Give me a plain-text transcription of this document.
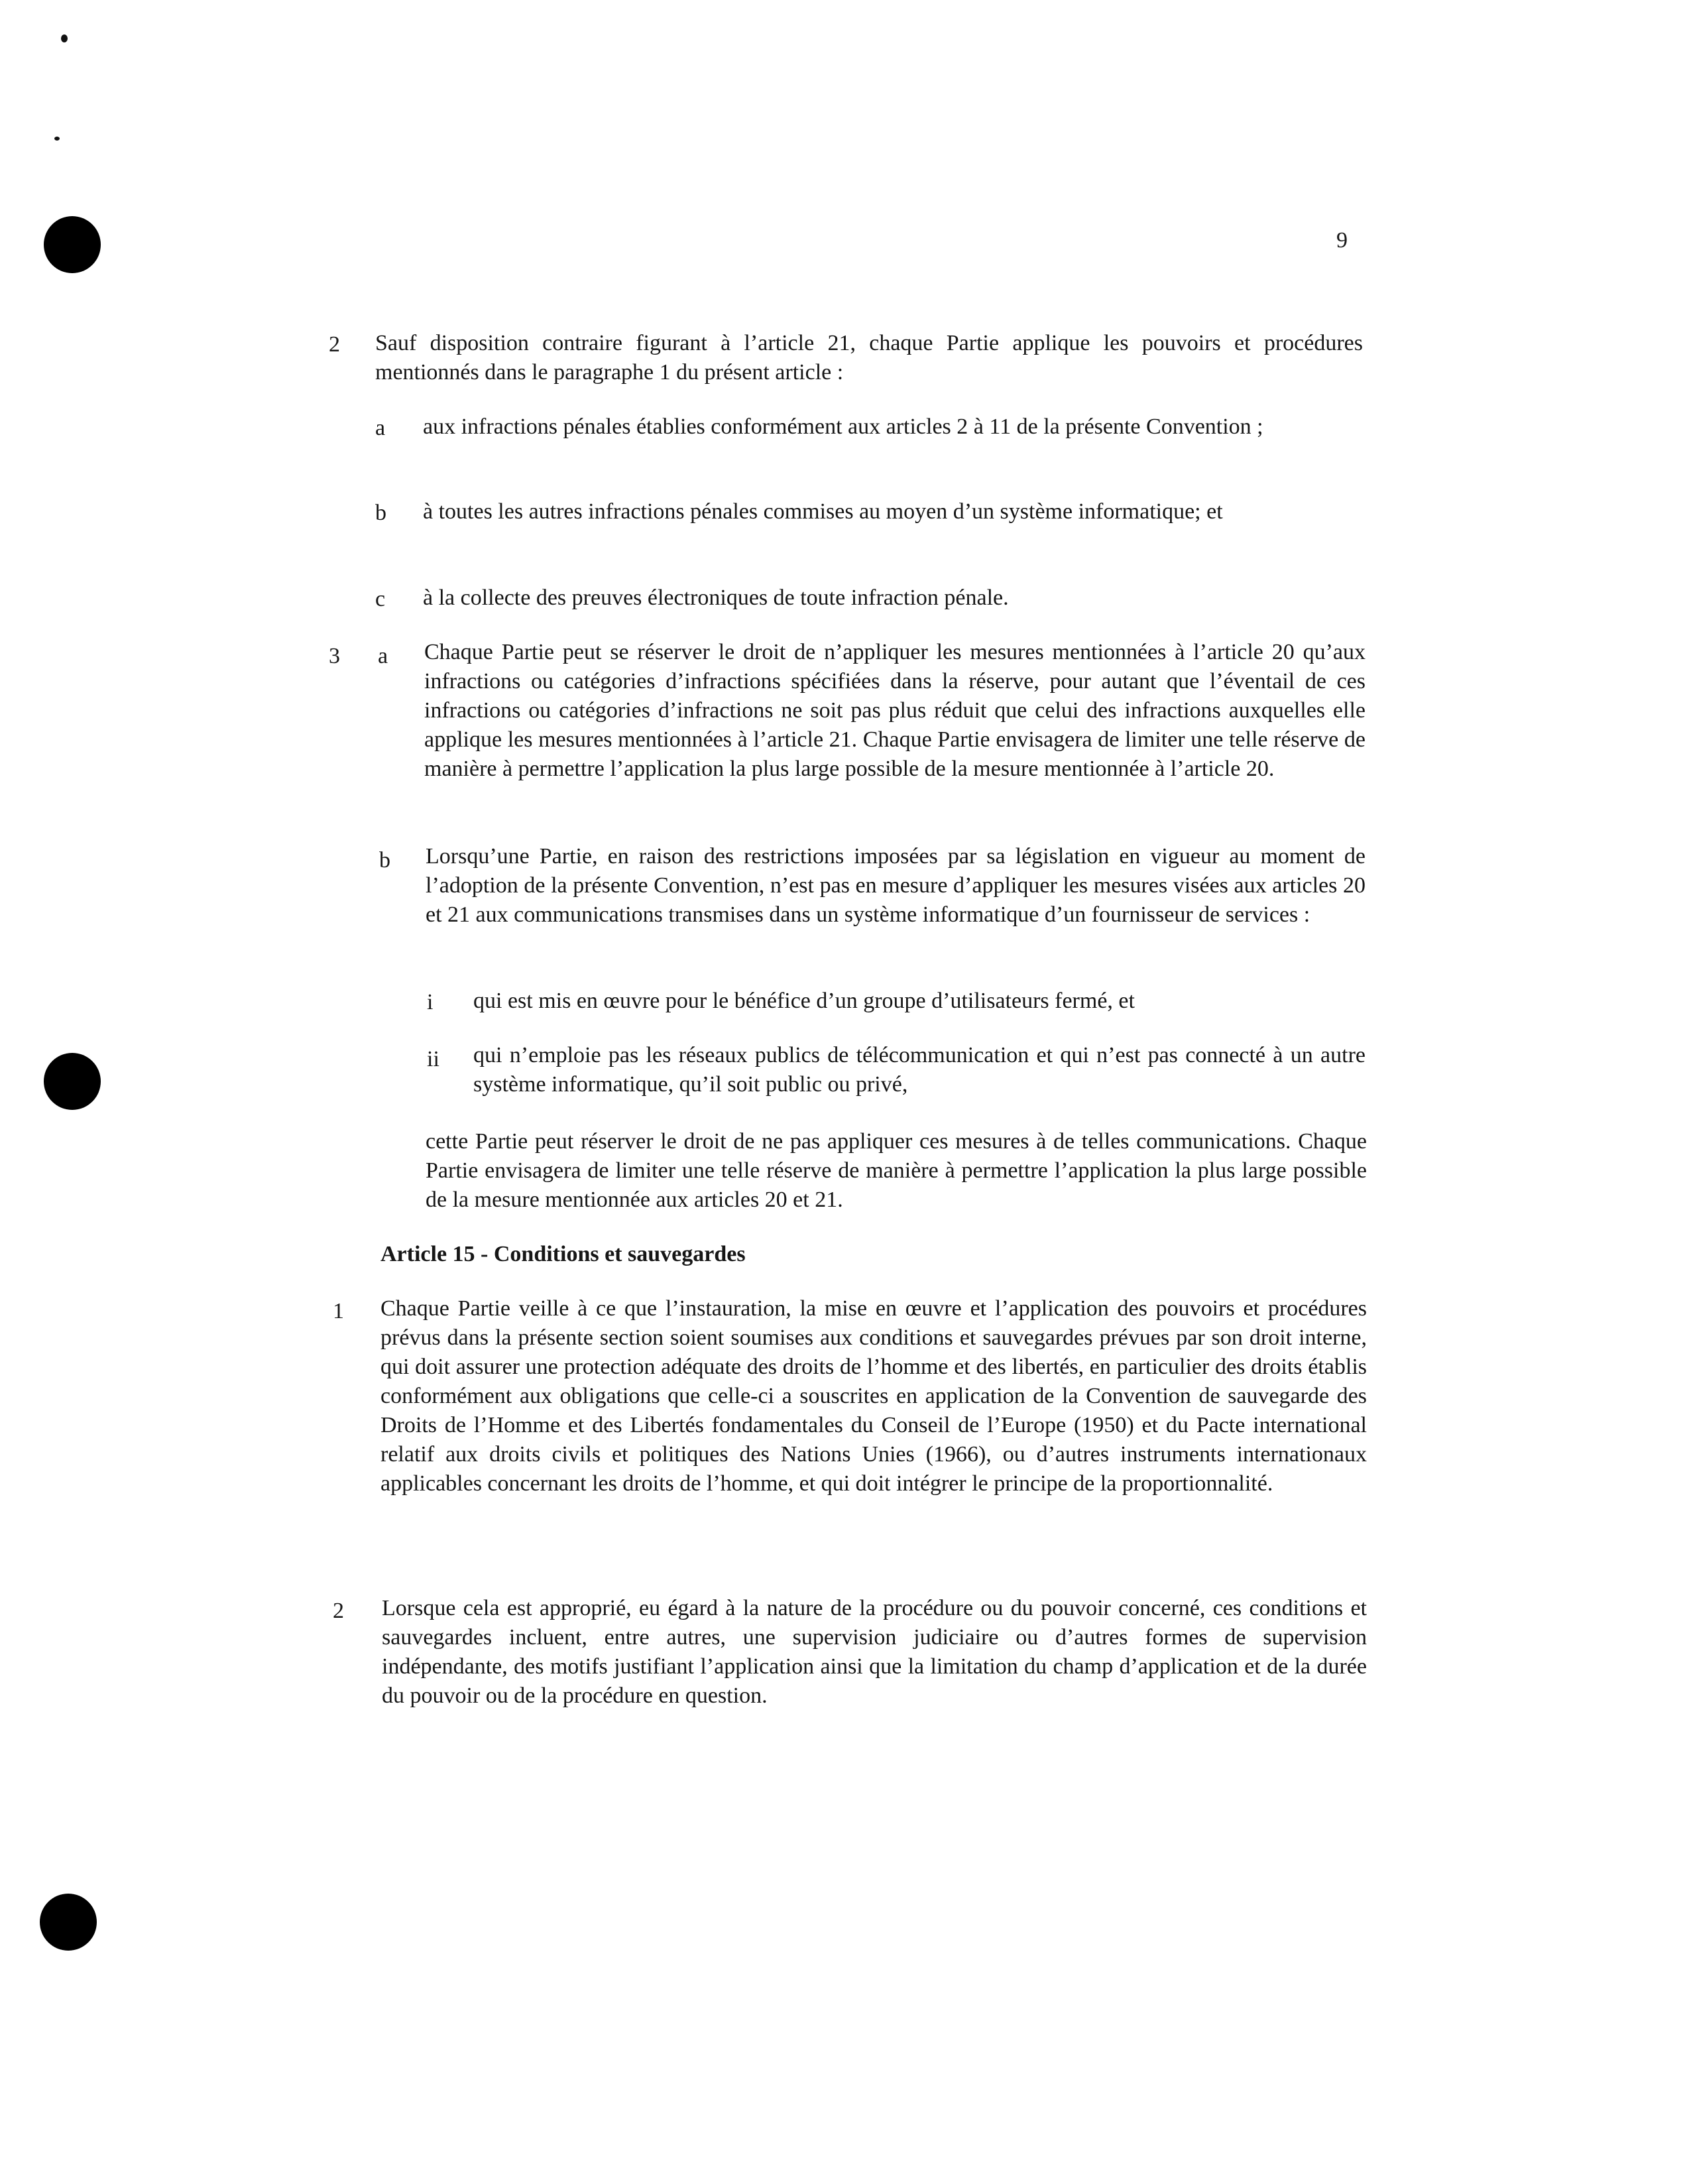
9
2 Sauf disposition contraire figurant à l’article 21, chaque Partie applique les pouvoirs et procédures mentionnés dans le paragraphe 1 du présent article :

a aux infractions pénales établies conformément aux articles 2 à 11 de la présente Convention ;

b à toutes les autres infractions pénales commises au moyen d’un système informatique; et

c à la collecte des preuves électroniques de toute infraction pénale.

3 a Chaque Partie peut se réserver le droit de n’appliquer les mesures mentionnées à l’article 20 qu’aux infractions ou catégories d’infractions spécifiées dans la réserve, pour autant que l’éventail de ces infractions ou catégories d’infractions ne soit pas plus réduit que celui des infractions auxquelles elle applique les mesures mentionnées à l’article 21. Chaque Partie envisagera de limiter une telle réserve de manière à permettre l’application la plus large possible de la mesure mentionnée à l’article 20.

b Lorsqu’une Partie, en raison des restrictions imposées par sa législation en vigueur au moment de l’adoption de la présente Convention, n’est pas en mesure d’appliquer les mesures visées aux articles 20 et 21 aux communications transmises dans un système informatique d’un fournisseur de services :

i qui est mis en œuvre pour le bénéfice d’un groupe d’utilisateurs fermé, et

ii qui n’emploie pas les réseaux publics de télécommunication et qui n’est pas connecté à un autre système informatique, qu’il soit public ou privé,

cette Partie peut réserver le droit de ne pas appliquer ces mesures à de telles communications. Chaque Partie envisagera de limiter une telle réserve de manière à permettre l’application la plus large possible de la mesure mentionnée aux articles 20 et 21.

Article 15 - Conditions et sauvegardes
1 Chaque Partie veille à ce que l’instauration, la mise en œuvre et l’application des pouvoirs et procédures prévus dans la présente section soient soumises aux conditions et sauvegardes prévues par son droit interne, qui doit assurer une protection adéquate des droits de l’homme et des libertés, en particulier des droits établis conformément aux obligations que celle-ci a souscrites en application de la Convention de sauvegarde des Droits de l’Homme et des Libertés fondamentales du Conseil de l’Europe (1950) et du Pacte international relatif aux droits civils et politiques des Nations Unies (1966), ou d’autres instruments internationaux applicables concernant les droits de l’homme, et qui doit intégrer le principe de la proportionnalité.

2 Lorsque cela est approprié, eu égard à la nature de la procédure ou du pouvoir concerné, ces conditions et sauvegardes incluent, entre autres, une supervision judiciaire ou d’autres formes de supervision indépendante, des motifs justifiant l’application ainsi que la limitation du champ d’application et de la durée du pouvoir ou de la procédure en question.
